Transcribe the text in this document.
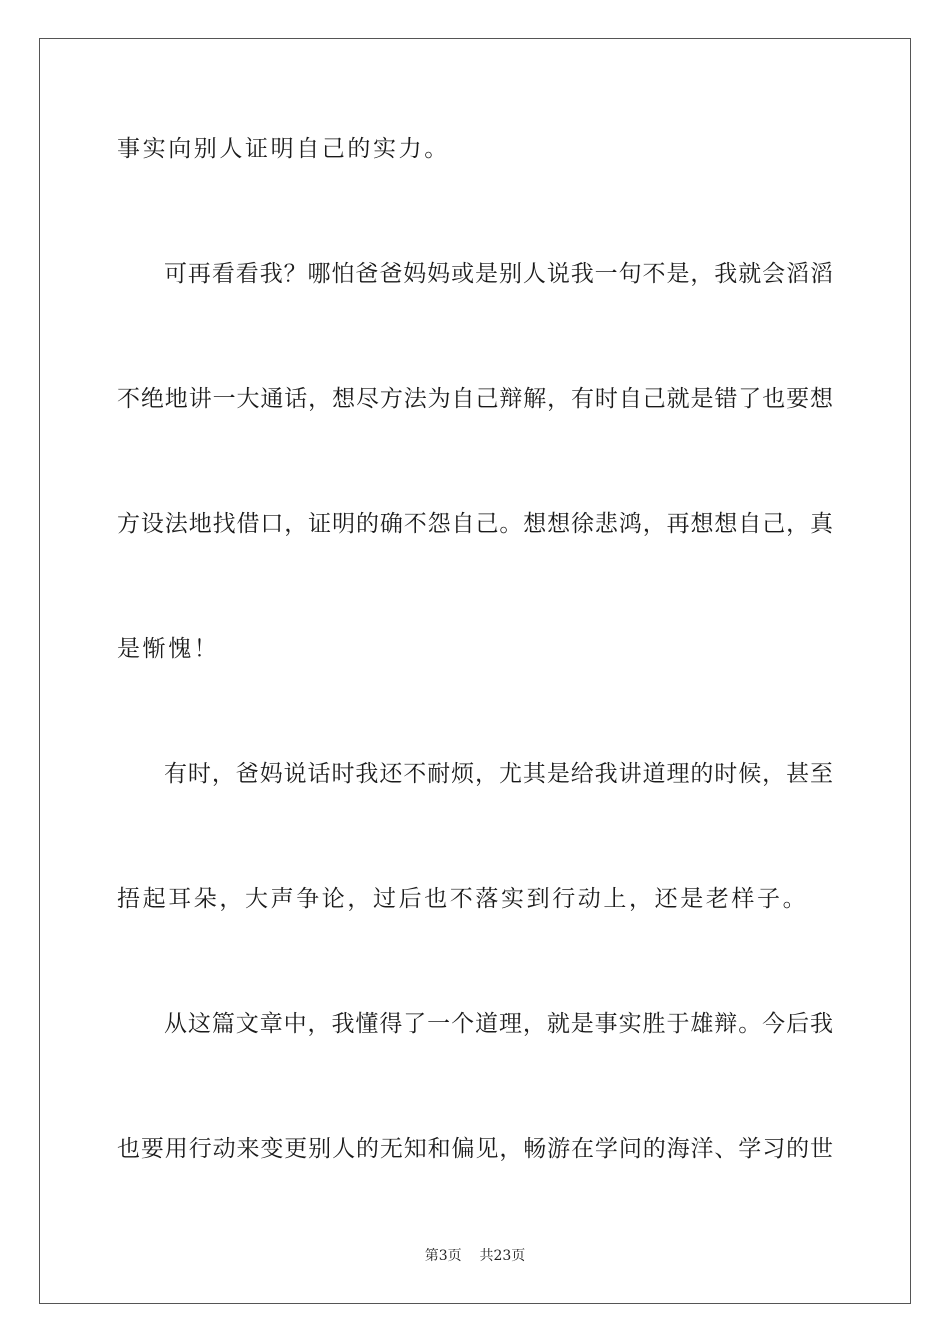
事实向别人证明自己的实力。
可再看看我？哪怕爸爸妈妈或是别人说我一句不是，我就会滔滔
不绝地讲一大通话，想尽方法为自己辩解，有时自己就是错了也要想
方设法地找借口，证明的确不怨自己。想想徐悲鸿，再想想自己，真
是惭愧！
有时，爸妈说话时我还不耐烦，尤其是给我讲道理的时候，甚至
捂起耳朵，大声争论，过后也不落实到行动上，还是老样子。
从这篇文章中，我懂得了一个道理，就是事实胜于雄辩。今后我
也要用行动来变更别人的无知和偏见，畅游在学问的海洋、学习的世
第3页 共23页
